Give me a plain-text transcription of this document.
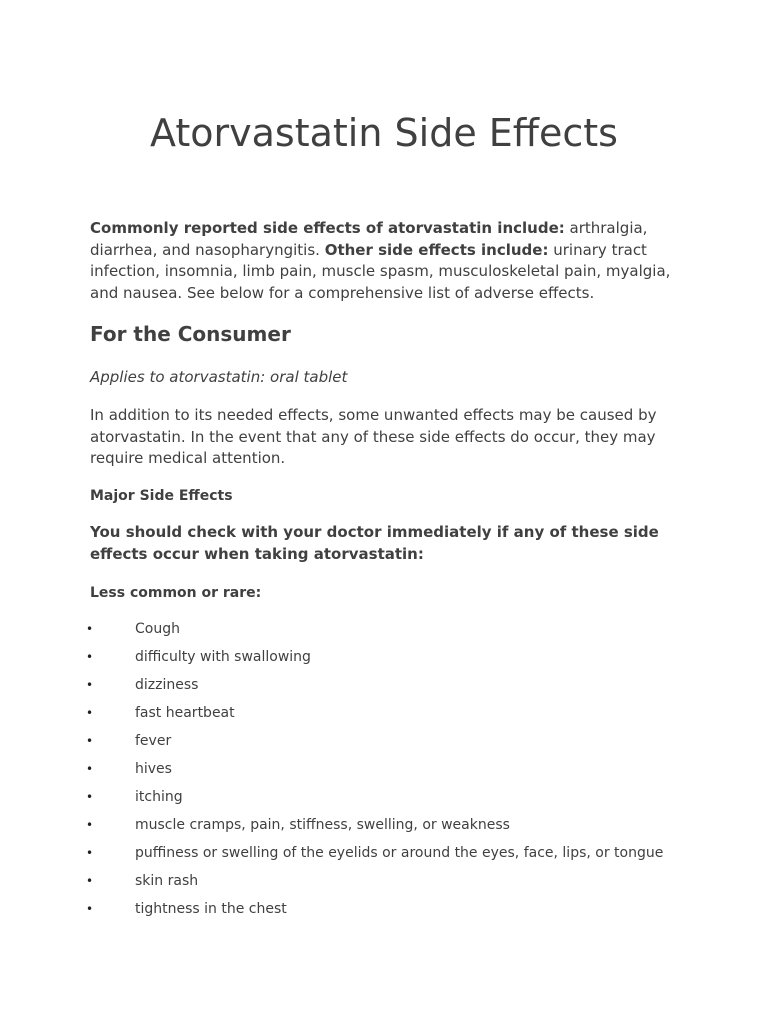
Atorvastatin Side Effects

Commonly reported side effects of atorvastatin include: arthralgia, diarrhea, and nasopharyngitis. Other side effects include: urinary tract infection, insomnia, limb pain, muscle spasm, musculoskeletal pain, myalgia, and nausea. See below for a comprehensive list of adverse effects.

For the Consumer

Applies to atorvastatin: oral tablet

In addition to its needed effects, some unwanted effects may be caused by atorvastatin. In the event that any of these side effects do occur, they may require medical attention.

Major Side Effects

You should check with your doctor immediately if any of these side effects occur when taking atorvastatin:

Less common or rare:

•	Cough
•	difficulty with swallowing
•	dizziness
•	fast heartbeat
•	fever
•	hives
•	itching
•	muscle cramps, pain, stiffness, swelling, or weakness
•	puffiness or swelling of the eyelids or around the eyes, face, lips, or tongue
•	skin rash
•	tightness in the chest
